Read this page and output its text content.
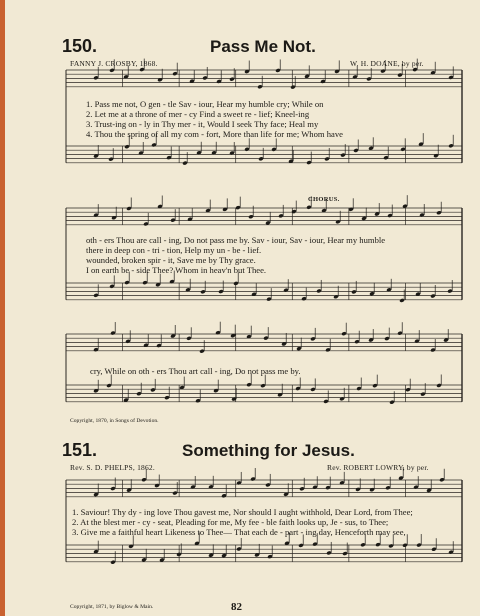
150.	Pass Me Not.
FANNY J. CROSBY, 1868.	W. H. DOANE, by per.
1. Pass me not, O gen - tle Sav - iour, Hear my humble cry; While on
2. Let me at a throne of mer - cy Find a sweet re - lief; Kneel-ing
3. Trust-ing on - ly in Thy mer - it, Would I seek Thy face; Heal my
4. Thou the spring of all my com - fort, More than life for me; Whom have
CHORUS.
oth - ers Thou are call - ing, Do not pass me by. Sav - iour, Sav - iour, Hear my humble
there in deep con - tri - tion, Help my un - be - lief.
wounded, broken spir - it, Save me by Thy grace.
I on earth be - side Thee? Whom in heav'n but Thee.
cry, While on oth - ers Thou art call - ing, Do not pass me by.
Copyright, 1870, in Songs of Devotion.
151.	Something for Jesus.
Rev. S. D. PHELPS, 1862.	Rev. ROBERT LOWRY, by per.
1. Saviour! Thy dy - ing love Thou gavest me, Nor should I aught withhold, Dear Lord, from Thee;
2. At the blest mer - cy - seat, Pleading for me, My fee - ble faith looks up, Je - sus, to Thee;
3. Give me a faithful heart Likeness to Thee— That each de - part - ing day, Henceforth may see,
Copyright, 1871, by Biglow & Main.	82
